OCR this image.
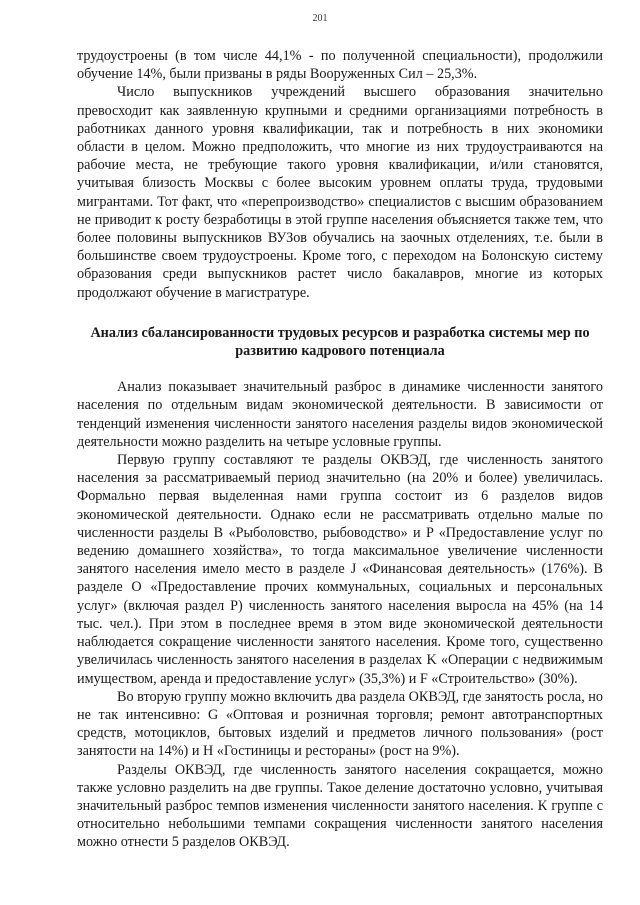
201

трудоустроены (в том числе 44,1% - по полученной специальности), продолжили обучение 14%, были призваны в ряды Вооруженных Сил – 25,3%.

Число выпускников учреждений высшего образования значительно превосходит как заявленную крупными и средними организациями потребность в работниках данного уровня квалификации, так и потребность в них экономики области в целом. Можно предположить, что многие из них трудоустраиваются на рабочие места, не требующие такого уровня квалификации, и/или становятся, учитывая близость Москвы с более высоким уровнем оплаты труда, трудовыми мигрантами. Тот факт, что «перепроизводство» специалистов с высшим образованием не приводит к росту безработицы в этой группе населения объясняется также тем, что более половины выпускников ВУЗов обучались на заочных отделениях, т.е. были в большинстве своем трудоустроены. Кроме того, с переходом на Болонскую систему образования среди выпускников растет число бакалавров, многие из которых продолжают обучение в магистратуре.

Анализ сбалансированности трудовых ресурсов и разработка системы мер по развитию кадрового потенциала

Анализ показывает значительный разброс в динамике численности занятого населения по отдельным видам экономической деятельности. В зависимости от тенденций изменения численности занятого населения разделы видов экономической деятельности можно разделить на четыре условные группы.

Первую группу составляют те разделы ОКВЭД, где численность занятого населения за рассматриваемый период значительно (на 20% и более) увеличилась. Формально первая выделенная нами группа состоит из 6 разделов видов экономической деятельности. Однако если не рассматривать отдельно малые по численности разделы B «Рыболовство, рыбоводство» и P «Предоставление услуг по ведению домашнего хозяйства», то тогда максимальное увеличение численности занятого населения имело место в разделе J «Финансовая деятельность» (176%). В разделе O «Предоставление прочих коммунальных, социальных и персональных услуг» (включая раздел P) численность занятого населения выросла на 45% (на 14 тыс. чел.). При этом в последнее время в этом виде экономической деятельности наблюдается сокращение численности занятого населения. Кроме того, существенно увеличилась численность занятого населения в разделах K «Операции с недвижимым имуществом, аренда и предоставление услуг» (35,3%) и F «Строительство» (30%).

Во вторую группу можно включить два раздела ОКВЭД, где занятость росла, но не так интенсивно: G «Оптовая и розничная торговля; ремонт автотранспортных средств, мотоциклов, бытовых изделий и предметов личного пользования» (рост занятости на 14%) и H «Гостиницы и рестораны» (рост на 9%).

Разделы ОКВЭД, где численность занятого населения сокращается, можно также условно разделить на две группы. Такое деление достаточно условно, учитывая значительный разброс темпов изменения численности занятого населения. К группе с относительно небольшими темпами сокращения численности занятого населения можно отнести 5 разделов ОКВЭД.
